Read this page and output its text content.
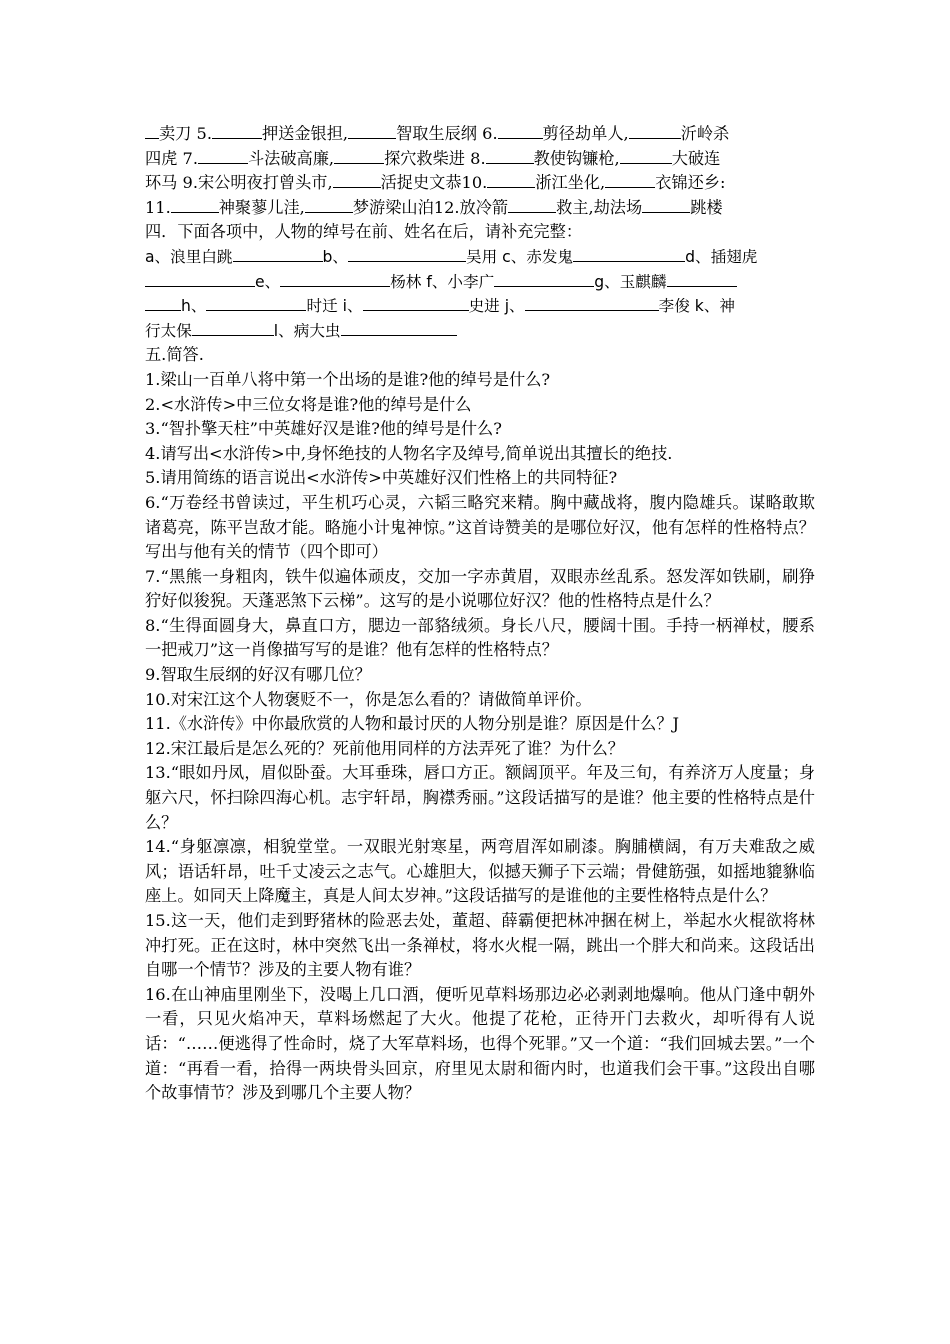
卖刀 5.	押送金银担,	智取生辰纲 6.	剪径劫单人,	沂岭杀
四虎 7.	斗法破高廉,	探穴救柴进 8.	教使钩镰枪,	大破连
环马 9.宋公明夜打曾头市,	活捉史文恭10.	浙江坐化,	衣锦还乡:
11.	神聚蓼儿洼,	梦游梁山泊12.放冷箭	救主,劫法场	跳楼
四．下面各项中，人物的绰号在前、姓名在后，请补充完整：
a、浪里白跳	b、	吴用 c、赤发鬼	d、插翅虎
e、	杨林 f、小李广	g、玉麒麟
h、	时迁 i、	史进 j、	李俊 k、神
行太保	l、病大虫
五.简答.
1.梁山一百单八将中第一个出场的是谁?他的绰号是什么?
2.<水浒传>中三位女将是谁?他的绰号是什么
3.“智扑擎天柱”中英雄好汉是谁?他的绰号是什么?
4.请写出<水浒传>中,身怀绝技的人物名字及绰号,简单说出其擅长的绝技.
5.请用简练的语言说出<水浒传>中英雄好汉们性格上的共同特征?
6.“万卷经书曾读过，平生机巧心灵，六韬三略究来精。胸中藏战将，腹内隐雄兵。谋略敢欺诸葛亮，陈平岂敌才能。略施小计鬼神惊。”这首诗赞美的是哪位好汉，他有怎样的性格特点？写出与他有关的情节（四个即可）
7.“黑熊一身粗肉，铁牛似遍体顽皮，交加一字赤黄眉，双眼赤丝乱系。怒发浑如铁刷，刷狰狞好似狻猊。天蓬恶煞下云梯”。这写的是小说哪位好汉？他的性格特点是什么？
8.“生得面圆身大，鼻直口方，腮边一部貉绒须。身长八尺，腰阔十围。手持一柄禅杖，腰系一把戒刀”这一肖像描写写的是谁？他有怎样的性格特点？
9.智取生辰纲的好汉有哪几位？
10.对宋江这个人物褒贬不一，你是怎么看的？请做简单评价。
11.《水浒传》中你最欣赏的人物和最讨厌的人物分别是谁？原因是什么？J
12.宋江最后是怎么死的？死前他用同样的方法弄死了谁？为什么？
13.“眼如丹凤，眉似卧蚕。大耳垂珠，唇口方正。额阔顶平。年及三旬，有养济万人度量；身躯六尺，怀扫除四海心机。志宇轩昂，胸襟秀丽。”这段话描写的是谁？他主要的性格特点是什么？
14.“身躯凛凛，相貌堂堂。一双眼光射寒星，两弯眉浑如刷漆。胸脯横阔，有万夫难敌之威风；语话轩昂，吐千丈凌云之志气。心雄胆大，似撼天狮子下云端；骨健筋强，如摇地貔貅临座上。如同天上降魔主，真是人间太岁神。”这段话描写的是谁他的主要性格特点是什么？
15.这一天，他们走到野猪林的险恶去处，董超、薛霸便把林冲捆在树上，举起水火棍欲将林冲打死。正在这时，林中突然飞出一条禅杖，将水火棍一隔，跳出一个胖大和尚来。这段话出自哪一个情节？涉及的主要人物有谁？
16.在山神庙里刚坐下，没喝上几口酒，便听见草料场那边必必剥剥地爆响。他从门逢中朝外一看，只见火焰冲天，草料场燃起了大火。他提了花枪，正待开门去救火，却听得有人说话：“……便逃得了性命时，烧了大军草料场，也得个死罪。”又一个道：“我们回城去罢。”一个道：“再看一看，拾得一两块骨头回京，府里见太尉和衙内时，也道我们会干事。”这段出自哪个故事情节？涉及到哪几个主要人物？
